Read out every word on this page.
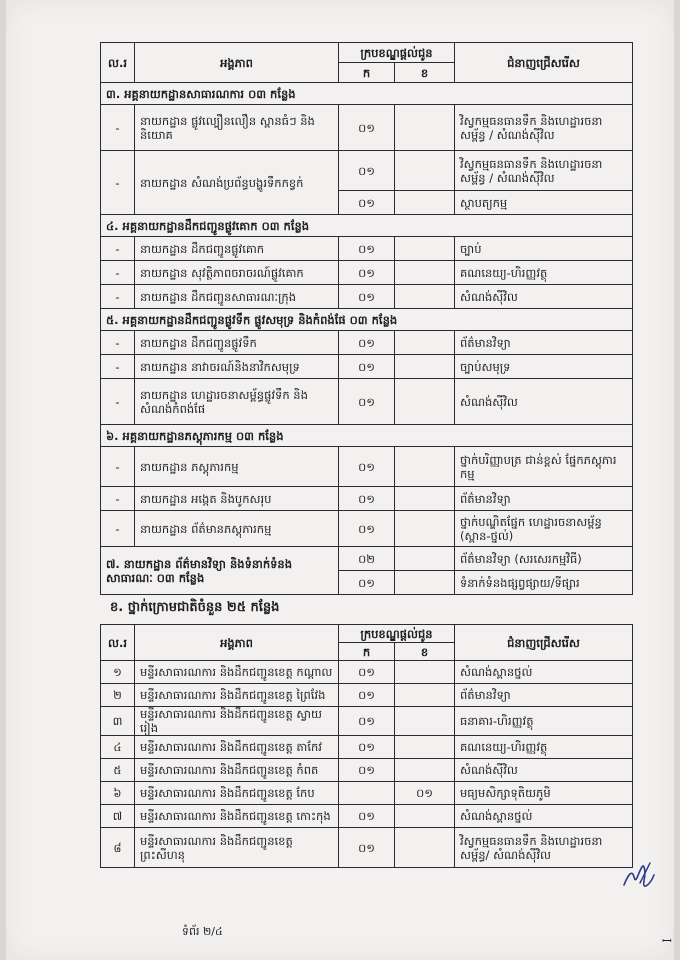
ល.រ	អង្គភាព	ក្របខណ្ឌផ្តល់ជូន		ជំនាញជ្រើសរើស
		ក	ខ	
៣. អគ្គនាយកដ្ឋានសាធារណការ ០៣ កន្លែង				
-	នាយកដ្ឋាន ផ្លូវល្បឿនលឿន ស្ពានធំៗ និងនិយោគ	០១		វិស្វកម្មធនធានទឹក និងហេដ្ឋារចនាសម្ព័ន្ធ / សំណង់ស៊ីវិល
-	នាយកដ្ឋាន សំណង់ប្រព័ន្ធបង្ហូរទឹកកខ្វក់	០១		វិស្វកម្មធនធានទឹក និងហេដ្ឋារចនាសម្ព័ន្ធ / សំណង់ស៊ីវិល
		០១		ស្ថាបត្យកម្ម
៤. អគ្គនាយកដ្ឋានដឹកជញ្ជូនផ្លូវគោក ០៣ កន្លែង				
-	នាយកដ្ឋាន ដឹកជញ្ជូនផ្លូវគោក	០១		ច្បាប់
-	នាយកដ្ឋាន សុវត្ថិភាពចរាចរណ៍ផ្លូវគោក	០១		គណនេយ្យ-ហិរញ្ញវត្ថុ
-	នាយកដ្ឋាន ដឹកជញ្ជូនសាធារណៈក្រុង	០១		សំណង់ស៊ីវិល
៥. អគ្គនាយកដ្ឋានដឹកជញ្ជូនផ្លូវទឹក ផ្លូវសមុទ្រ និងកំពង់ផែ ០៣ កន្លែង				
-	នាយកដ្ឋាន ដឹកជញ្ជូនផ្លូវទឹក	០១		ព័ត៌មានវិទ្យា
-	នាយកដ្ឋាន នាវាចរណ៍និងនាវិកសមុទ្រ	០១		ច្បាប់សមុទ្រ
-	នាយកដ្ឋាន ហេដ្ឋារចនាសម្ព័ន្ធផ្លូវទឹក និងសំណង់កំពង់ផែ	០១		សំណង់ស៊ីវិល
៦. អគ្គនាយកដ្ឋានភស្តុភារកម្ម ០៣ កន្លែង				
-	នាយកដ្ឋាន ភស្តុភារកម្ម	០១		ថ្នាក់បរិញ្ញាបត្រ ជាន់ខ្ពស់ ផ្នែកភស្តុភារកម្ម
-	នាយកដ្ឋាន អង្កេត និងបូកសរុប	០១		ព័ត៌មានវិទ្យា
-	នាយកដ្ឋាន ព័ត៌មានភស្តុភារកម្ម	០១		ថ្នាក់បណ្ឌិតផ្នែក ហេដ្ឋារចនាសម្ព័ន្ធ (ស្ពាន-ថ្នល់)
៧. នាយកដ្ឋាន ព័ត៌មានវិទ្យា និងទំនាក់ទំនងសាធារណៈ ០៣ កន្លែង		០២		ព័ត៌មានវិទ្យា (សរសេរកម្មវិធី)
		០១		ទំនាក់ទំនងផ្សព្វផ្សាយ/ទីផ្សារ
ខ. ថ្នាក់ក្រោមជាតិចំនួន ២៥ កន្លែង
ល.រ	អង្គភាព	ក្របខណ្ឌផ្តល់ជូន		ជំនាញជ្រើសរើស
		ក	ខ	
១	មន្ទីរសាធារណការ និងដឹកជញ្ជូនខេត្ត កណ្ដាល	០១		សំណង់ស្ពានថ្នល់
២	មន្ទីរសាធារណការ និងដឹកជញ្ជូនខេត្ត ព្រៃវែង	០១		ព័ត៌មានវិទ្យា
៣	មន្ទីរសាធារណការ និងដឹកជញ្ជូនខេត្ត ស្វាយរៀង	០១		ធនាគារ-ហិរញ្ញវត្ថុ
៤	មន្ទីរសាធារណការ និងដឹកជញ្ជូនខេត្ត តាកែវ	០១		គណនេយ្យ-ហិរញ្ញវត្ថុ
៥	មន្ទីរសាធារណការ និងដឹកជញ្ជូនខេត្ត កំពត	០១		សំណង់ស៊ីវិល
៦	មន្ទីរសាធារណការ និងដឹកជញ្ជូនខេត្ត កែប		០១	មធ្យមសិក្សាទុតិយភូមិ
៧	មន្ទីរសាធារណការ និងដឹកជញ្ជូនខេត្ត កោះកុង	០១		សំណង់ស្ពានថ្នល់
៨	មន្ទីរសាធារណការ និងដឹកជញ្ជូនខេត្តព្រះសីហនុ	០១		វិស្វកម្មធនធានទឹក និងហេដ្ឋារចនាសម្ព័ន្ធ/ សំណង់ស៊ីវិល
ទំព័រ ២/៤
ꟷ
